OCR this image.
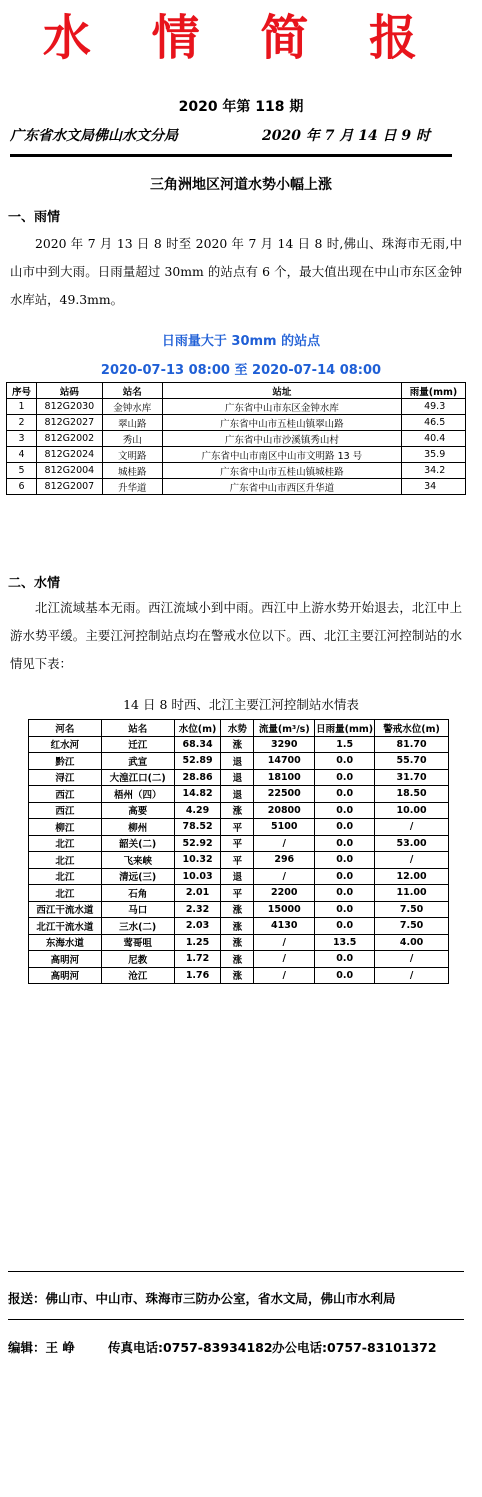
水 情 简 报
2020 年第 118 期
广东省水文局佛山水文分局	2020 年 7 月 14 日 9 时
三角洲地区河道水势小幅上涨
一、雨情
2020 年 7 月 13 日 8 时至 2020 年 7 月 14 日 8 时,佛山、珠海市无雨,中山市中到大雨。日雨量超过 30mm 的站点有 6 个，最大值出现在中山市东区金钟水库站，49.3mm。
日雨量大于 30mm 的站点
2020-07-13 08:00 至 2020-07-14 08:00
序号	站码	站名	站址	雨量(mm)
1	812G2030	金钟水库	广东省中山市东区金钟水库	49.3
2	812G2027	翠山路	广东省中山市五桂山镇翠山路	46.5
3	812G2002	秀山	广东省中山市沙溪镇秀山村	40.4
4	812G2024	文明路	广东省中山市南区中山市文明路 13 号	35.9
5	812G2004	城桂路	广东省中山市五桂山镇城桂路	34.2
6	812G2007	升华道	广东省中山市西区升华道	34
二、水情
北江流域基本无雨。西江流域小到中雨。西江中上游水势开始退去，北江中上游水势平缓。主要江河控制站点均在警戒水位以下。西、北江主要江河控制站的水情见下表：
14 日 8 时西、北江主要江河控制站水情表
河名	站名	水位(m)	水势	流量(m³/s)	日雨量(mm)	警戒水位(m)
红水河	迁江	68.34	涨	3290	1.5	81.70
黔江	武宣	52.89	退	14700	0.0	55.70
浔江	大湟江口(二)	28.86	退	18100	0.0	31.70
西江	梧州（四）	14.82	退	22500	0.0	18.50
西江	高要	4.29	涨	20800	0.0	10.00
柳江	柳州	78.52	平	5100	0.0	/
北江	韶关(二)	52.92	平	/	0.0	53.00
北江	飞来峡	10.32	平	296	0.0	/
北江	清远(三)	10.03	退	/	0.0	12.00
北江	石角	2.01	平	2200	0.0	11.00
西江干流水道	马口	2.32	涨	15000	0.0	7.50
北江干流水道	三水(二)	2.03	涨	4130	0.0	7.50
东海水道	莺哥咀	1.25	涨	/	13.5	4.00
高明河	尼教	1.72	涨	/	0.0	/
高明河	沧江	1.76	涨	/	0.0	/
报送：佛山市、中山市、珠海市三防办公室，省水文局，佛山市水利局
编辑：王 峥	传真电话:0757-83934182 办公电话:0757-83101372
